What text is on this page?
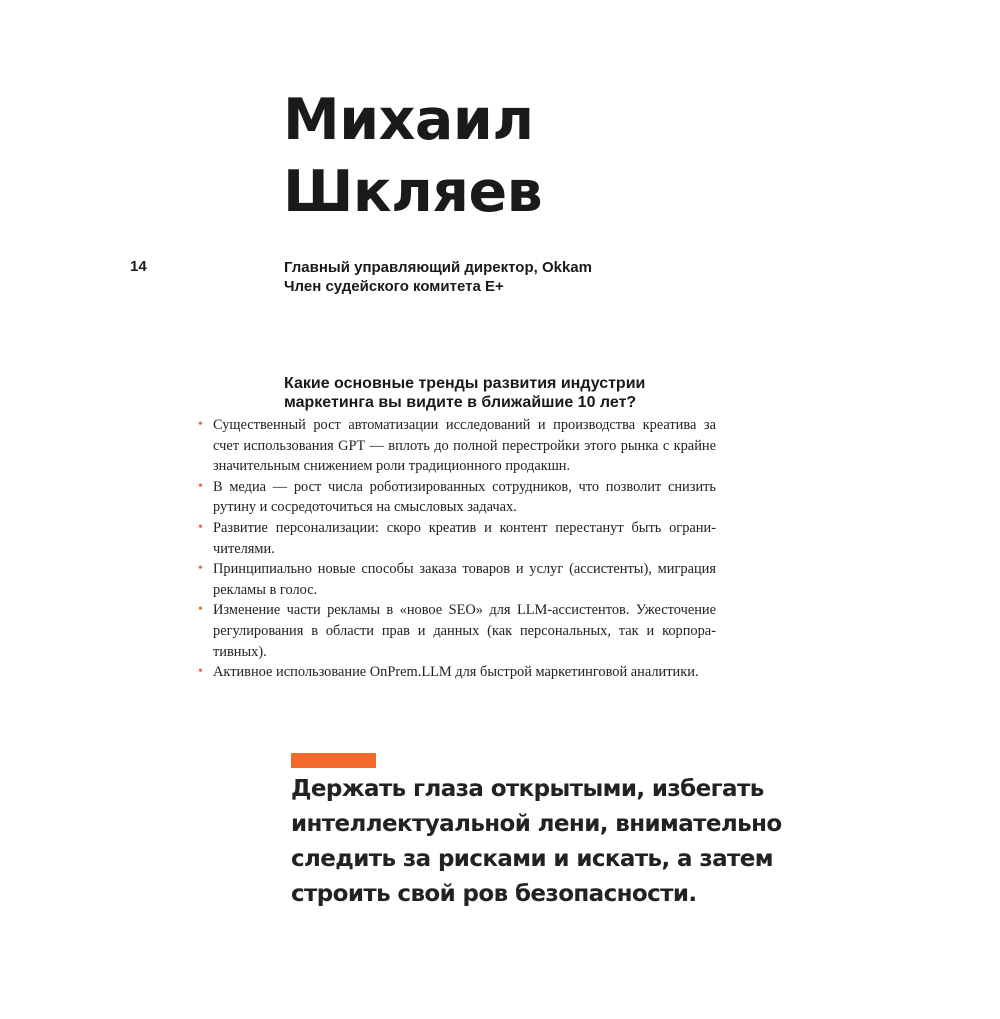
Михаил
Шкляев
14	Главный управляющий директор, Okkam
Член судейского комитета E+
Какие основные тренды развития индустрии
маркетинга вы видите в ближайшие 10 лет?
• Существенный рост автоматизации исследований и производства креатива за счет использования GPT — вплоть до полной перестройки этого рынка с крайне значительным снижением роли традиционного продакшн.
• В медиа — рост числа роботизированных сотрудников, что позволит снизить рутину и сосредоточиться на смысловых задачах.
• Развитие персонализации: скоро креатив и контент перестанут быть ограничителями.
• Принципиально новые способы заказа товаров и услуг (ассистенты), миграция рекламы в голос.
• Изменение части рекламы в «новое SEO» для LLM-ассистентов. Ужесточение регулирования в области прав и данных (как персональных, так и корпоративных).
• Активное использование OnPrem.LLM для быстрой маркетинговой аналитики.
Держать глаза открытыми, избегать
интеллектуальной лени, внимательно
следить за рисками и искать, а затем
строить свой ров безопасности.
